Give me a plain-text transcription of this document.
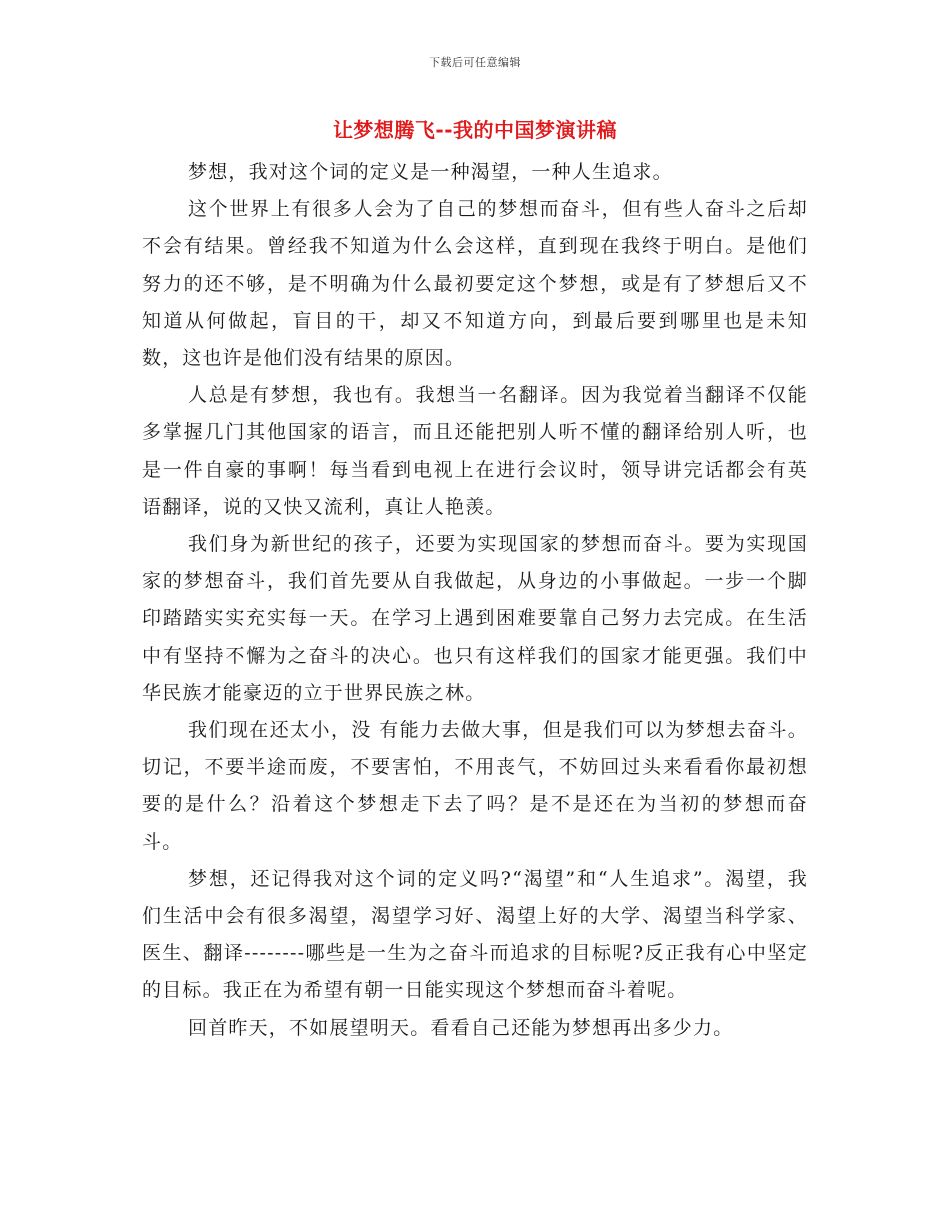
下载后可任意编辑
让梦想腾飞--我的中国梦演讲稿

梦想，我对这个词的定义是一种渴望，一种人生追求。

这个世界上有很多人会为了自己的梦想而奋斗，但有些人奋斗之后却不会有结果。曾经我不知道为什么会这样，直到现在我终于明白。是他们努力的还不够，是不明确为什么最初要定这个梦想，或是有了梦想后又不知道从何做起，盲目的干，却又不知道方向，到最后要到哪里也是未知数，这也许是他们没有结果的原因。

人总是有梦想，我也有。我想当一名翻译。因为我觉着当翻译不仅能多掌握几门其他国家的语言，而且还能把别人听不懂的翻译给别人听，也是一件自豪的事啊！每当看到电视上在进行会议时，领导讲完话都会有英语翻译，说的又快又流利，真让人艳羡。

我们身为新世纪的孩子，还要为实现国家的梦想而奋斗。要为实现国家的梦想奋斗，我们首先要从自我做起，从身边的小事做起。一步一个脚印踏踏实实充实每一天。在学习上遇到困难要靠自己努力去完成。在生活中有坚持不懈为之奋斗的决心。也只有这样我们的国家才能更强。我们中华民族才能豪迈的立于世界民族之林。

我们现在还太小，没 有能力去做大事，但是我们可以为梦想去奋斗。切记，不要半途而废，不要害怕，不用丧气，不妨回过头来看看你最初想要的是什么？沿着这个梦想走下去了吗？是不是还在为当初的梦想而奋斗。

梦想，还记得我对这个词的定义吗?“渴望”和“人生追求”。渴望，我们生活中会有很多渴望，渴望学习好、渴望上好的大学、渴望当科学家、医生、翻译--------哪些是一生为之奋斗而追求的目标呢?反正我有心中坚定的目标。我正在为希望有朝一日能实现这个梦想而奋斗着呢。

回首昨天，不如展望明天。看看自己还能为梦想再出多少力。
